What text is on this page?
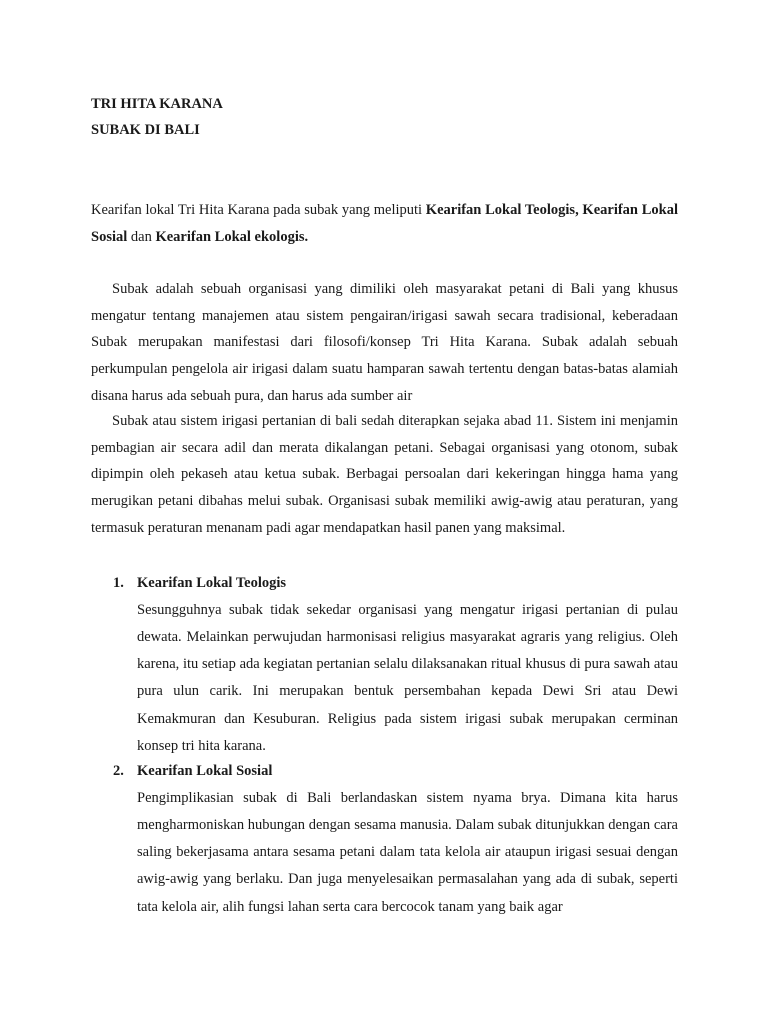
TRI HITA KARANA
SUBAK DI BALI
Kearifan lokal Tri Hita Karana pada subak yang meliputi Kearifan Lokal Teologis, Kearifan Lokal Sosial dan Kearifan Lokal ekologis.
Subak adalah sebuah organisasi yang dimiliki oleh masyarakat petani di Bali yang khusus mengatur tentang manajemen atau sistem pengairan/irigasi sawah secara tradisional, keberadaan Subak merupakan manifestasi dari filosofi/konsep Tri Hita Karana. Subak adalah sebuah perkumpulan pengelola air irigasi dalam suatu hamparan sawah tertentu dengan batas-batas alamiah disana harus ada sebuah pura, dan harus ada sumber air
Subak atau sistem irigasi pertanian di bali sedah diterapkan sejaka abad 11. Sistem ini menjamin pembagian air secara adil dan merata dikalangan petani. Sebagai organisasi yang otonom, subak dipimpin oleh pekaseh atau ketua subak. Berbagai persoalan dari kekeringan hingga hama yang merugikan petani dibahas melui subak. Organisasi subak memiliki awig-awig atau peraturan, yang termasuk peraturan menanam padi agar mendapatkan hasil panen yang maksimal.
1. Kearifan Lokal Teologis
Sesungguhnya subak tidak sekedar organisasi yang mengatur irigasi pertanian di pulau dewata. Melainkan perwujudan harmonisasi religius masyarakat agraris yang religius. Oleh karena, itu setiap ada kegiatan pertanian selalu dilaksanakan ritual khusus di pura sawah atau pura ulun carik. Ini merupakan bentuk persembahan kepada Dewi Sri atau Dewi Kemakmuran dan Kesuburan. Religius pada sistem irigasi subak merupakan cerminan konsep tri hita karana.
2. Kearifan Lokal Sosial
Pengimplikasian subak di Bali berlandaskan sistem nyama brya. Dimana kita harus mengharmoniskan hubungan dengan sesama manusia. Dalam subak ditunjukkan dengan cara saling bekerjasama antara sesama petani dalam tata kelola air ataupun irigasi sesuai dengan awig-awig yang berlaku. Dan juga menyelesaikan permasalahan yang ada di subak, seperti tata kelola air, alih fungsi lahan serta cara bercocok tanam yang baik agar
